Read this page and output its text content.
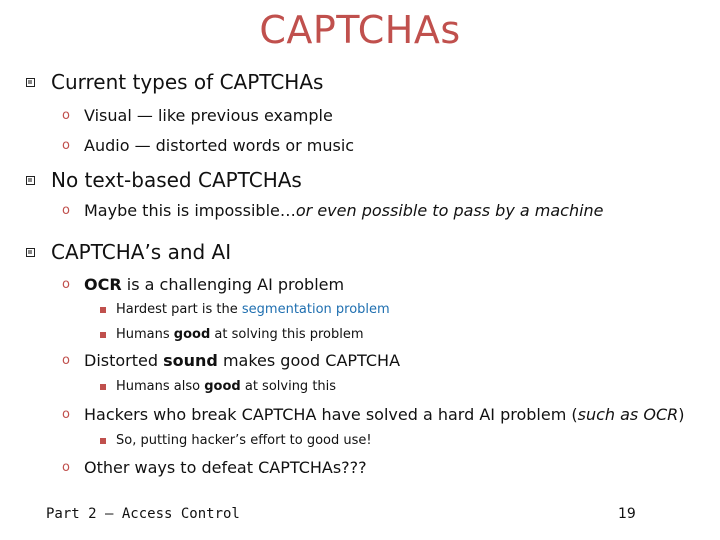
CAPTCHAs
Current types of CAPTCHAs
o Visual — like previous example
o Audio — distorted words or music
No text-based CAPTCHAs
o Maybe this is impossible…or even possible to pass by a machine
CAPTCHA’s and AI
o OCR is a challenging AI problem
Hardest part is the segmentation problem
Humans good at solving this problem
o Distorted sound makes good CAPTCHA
Humans also good at solving this
o Hackers who break CAPTCHA have solved a hard AI problem (such as OCR)
So, putting hacker’s effort to good use!
o Other ways to defeat CAPTCHAs???
Part 2 — Access Control	19
